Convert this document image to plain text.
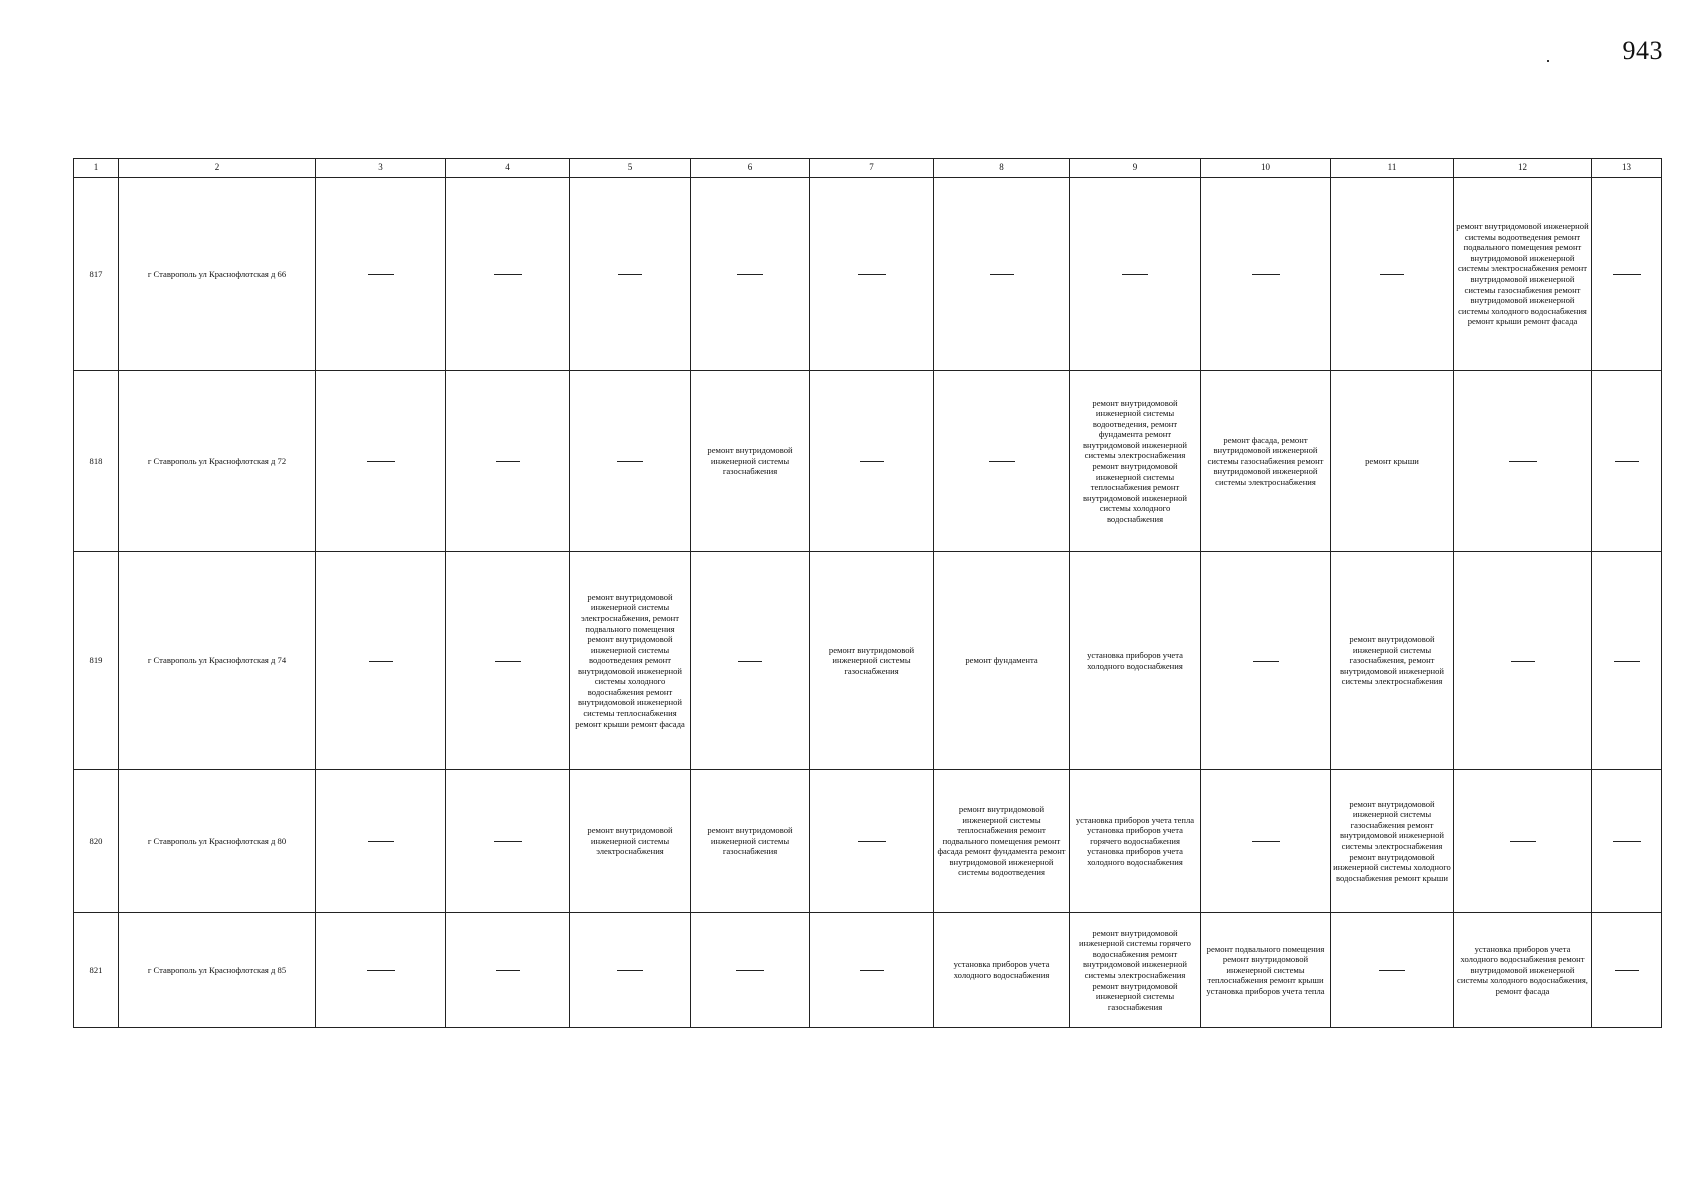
943
1	2	3	4	5	6	7	8	9	10	11	12	13
817	г Ставрополь ул Краснофлотская д 66										ремонт внутридомовой инженерной системы водоотведения ремонт подвального помещения ремонт внутридомовой инженерной системы электроснабжения ремонт внутридомовой инженерной системы газоснабжения ремонт внутридомовой инженерной системы холодного водоснабжения ремонт крыши ремонт фасада	
818	г Ставрополь ул Краснофлотская д 72				ремонт внутридомовой инженерной системы газоснабжения			ремонт внутридомовой инженерной системы водоотведения, ремонт фундамента ремонт внутридомовой инженерной системы электроснабжения ремонт внутридомовой инженерной системы теплоснабжения ремонт внутридомовой инженерной системы холодного водоснабжения	ремонт фасада, ремонт внутридомовой инженерной системы газоснабжения ремонт внутридомовой инженерной системы электроснабжения	ремонт крыши		
819	г Ставрополь ул Краснофлотская д 74			ремонт внутридомовой инженерной системы электроснабжения, ремонт подвального помещения ремонт внутридомовой инженерной системы водоотведения ремонт внутридомовой инженерной системы холодного водоснабжения ремонт внутридомовой инженерной системы теплоснабжения ремонт крыши ремонт фасада		ремонт внутридомовой инженерной системы газоснабжения	ремонт фундамента	установка приборов учета холодного водоснабжения		ремонт внутридомовой инженерной системы газоснабжения, ремонт внутридомовой инженерной системы электроснабжения		
820	г Ставрополь ул Краснофлотская д 80			ремонт внутридомовой инженерной системы электроснабжения	ремонт внутридомовой инженерной системы газоснабжения		ремонт внутридомовой инженерной системы теплоснабжения ремонт подвального помещения ремонт фасада ремонт фундамента ремонт внутридомовой инженерной системы водоотведения	установка приборов учета тепла установка приборов учета горячего водоснабжения установка приборов учета холодного водоснабжения		ремонт внутридомовой инженерной системы газоснабжения ремонт внутридомовой инженерной системы электроснабжения ремонт внутридомовой инженерной системы холодного водоснабжения ремонт крыши		
821	г Ставрополь ул Краснофлотская д 85						установка приборов учета холодного водоснабжения	ремонт внутридомовой инженерной системы горячего водоснабжения ремонт внутридомовой инженерной системы электроснабжения ремонт внутридомовой инженерной системы газоснабжения	ремонт подвального помещения ремонт внутридомовой инженерной системы теплоснабжения ремонт крыши установка приборов учета тепла		установка приборов учета холодного водоснабжения ремонт внутридомовой инженерной системы холодного водоснабжения, ремонт фасада	
